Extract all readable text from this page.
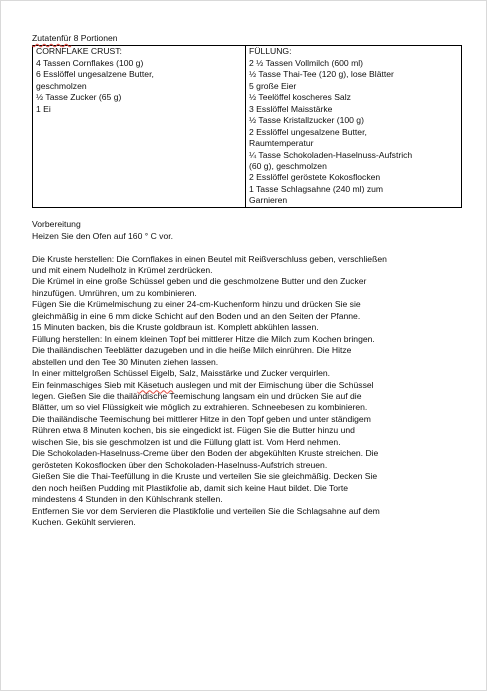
Zutatenfür 8 Portionen

CORNFLAKE CRUST:
4 Tassen Cornflakes (100 g)
6 Esslöffel ungesalzene Butter,
geschmolzen
½ Tasse Zucker (65 g)
1 Ei

FÜLLUNG:
2 ½ Tassen Vollmilch (600 ml)
½ Tasse Thai-Tee (120 g), lose Blätter
5 große Eier
½ Teelöffel koscheres Salz
3 Esslöffel Maisstärke
½ Tasse Kristallzucker (100 g)
2 Esslöffel ungesalzene Butter,
Raumtemperatur
¼ Tasse Schokoladen-Haselnuss-Aufstrich
(60 g), geschmolzen
2 Esslöffel geröstete Kokosflocken
1 Tasse Schlagsahne (240 ml) zum
Garnieren

Vorbereitung

Heizen Sie den Ofen auf 160 ° C vor.

Die Kruste herstellen: Die Cornflakes in einen Beutel mit Reißverschluss geben, verschließen

und mit einem Nudelholz in Krümel zerdrücken.

Die Krümel in eine große Schüssel geben und die geschmolzene Butter und den Zucker

hinzufügen. Umrühren, um zu kombinieren.

Fügen Sie die Krümelmischung zu einer 24-cm-Kuchenform hinzu und drücken Sie sie

gleichmäßig in eine 6 mm dicke Schicht auf den Boden und an den Seiten der Pfanne.

15 Minuten backen, bis die Kruste goldbraun ist. Komplett abkühlen lassen.

Füllung herstellen: In einem kleinen Topf bei mittlerer Hitze die Milch zum Kochen bringen.

Die thailändischen Teeblätter dazugeben und in die heiße Milch einrühren. Die Hitze

abstellen und den Tee 30 Minuten ziehen lassen.

In einer mittelgroßen Schüssel Eigelb, Salz, Maisstärke und Zucker verquirlen.

Ein feinmaschiges Sieb mit Käsetuch auslegen und mit der Eimischung über die Schüssel

legen. Gießen Sie die thailändische Teemischung langsam ein und drücken Sie auf die

Blätter, um so viel Flüssigkeit wie möglich zu extrahieren. Schneebesen zu kombinieren.

Die thailändische Teemischung bei mittlerer Hitze in den Topf geben und unter ständigem

Rühren etwa 8 Minuten kochen, bis sie eingedickt ist. Fügen Sie die Butter hinzu und

wischen Sie, bis sie geschmolzen ist und die Füllung glatt ist. Vom Herd nehmen.

Die Schokoladen-Haselnuss-Creme über den Boden der abgekühlten Kruste streichen. Die

gerösteten Kokosflocken über den Schokoladen-Haselnuss-Aufstrich streuen.

Gießen Sie die Thai-Teefüllung in die Kruste und verteilen Sie sie gleichmäßig. Decken Sie

den noch heißen Pudding mit Plastikfolie ab, damit sich keine Haut bildet. Die Torte

mindestens 4 Stunden in den Kühlschrank stellen.

Entfernen Sie vor dem Servieren die Plastikfolie und verteilen Sie die Schlagsahne auf dem

Kuchen. Gekühlt servieren.
